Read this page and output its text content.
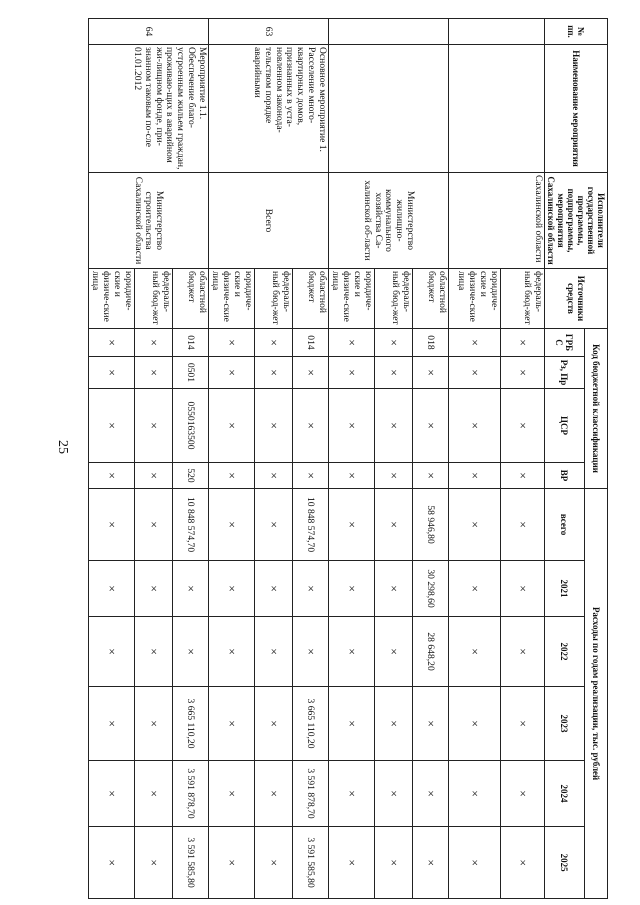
25
№ пп.	Наименование мероприятия	Исполнители государственной программы, подпрограммы, мероприятия Сахалинской области	Источники средств	Код бюджетной классификации				Расходы по годам реализации, тыс. рублей					
				ГРБС	Рз, Пр	ЦСР	ВР	всего	2021	2022	2023	2024	2025
		Сахалинской области	федераль-ный бюд-жет	×	×	×	×	×	×	×	×	×	×
			юридиче-ские и физиче-ские лица	×	×	×	×	×	×	×	×	×	×
		Министерство жилищно-коммунального хозяйства Са-халинской об-ласти	областной бюджет	018	×	×	×	58 946,80	30 298,60	28 648,20	×	×	×
			федераль-ный бюд-жет	×	×	×	×	×	×	×	×	×	×
			юридиче-ские и физиче-ские лица	×	×	×	×	×	×	×	×	×	×
63	Основное мероприятие 1. Расселение много-квартирных домов, признанных в уста-новленном законода-тельством порядке аварийными	Всего	областной бюджет	014	×	×	×	10 848 574,70	×	×	3 665 110,20	3 591 878,70	3 591 585,80
			федераль-ный бюд-жет	×	×	×	×	×	×	×	×	×	×
			юридиче-ские и физиче-ские лица	×	×	×	×	×	×	×	×	×	×
64	Мероприятие 1.1. Обеспечение благо-устроенным жильем граждан, проживаю-щих в аварийном жи-лищном фонде, при-знанном таковым по-сле 01.01.2012	Министерство строительства Сахалинской области	областной бюджет	014	0501	0550163500	520	10 848 574,70	×	×	3 665 110,20	3 591 878,70	3 591 585,80
			федераль-ный бюд-жет	×	×	×	×	×	×	×	×	×	×
			юридиче-ские и физиче-ские лица	×	×	×	×	×	×	×	×	×	×
